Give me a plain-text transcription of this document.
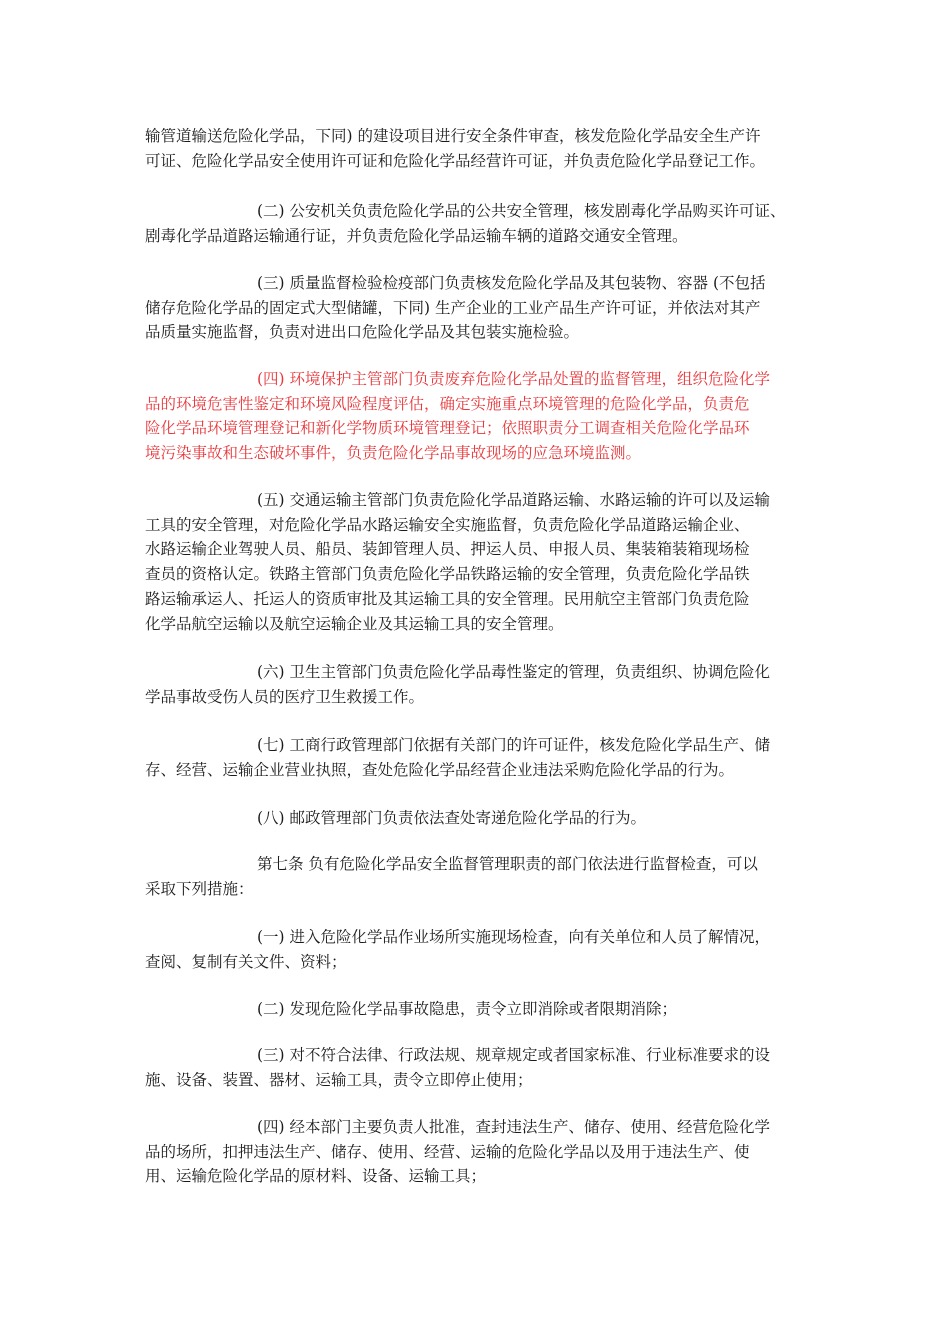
输管道输送危险化学品，下同) 的建设项目进行安全条件审查，核发危险化学品安全生产许
可证、危险化学品安全使用许可证和危险化学品经营许可证，并负责危险化学品登记工作。
(二) 公安机关负责危险化学品的公共安全管理，核发剧毒化学品购买许可证、
剧毒化学品道路运输通行证，并负责危险化学品运输车辆的道路交通安全管理。
(三) 质量监督检验检疫部门负责核发危险化学品及其包装物、容器 (不包括
储存危险化学品的固定式大型储罐，下同) 生产企业的工业产品生产许可证，并依法对其产
品质量实施监督，负责对进出口危险化学品及其包装实施检验。
(四) 环境保护主管部门负责废弃危险化学品处置的监督管理，组织危险化学
品的环境危害性鉴定和环境风险程度评估，确定实施重点环境管理的危险化学品，负责危
险化学品环境管理登记和新化学物质环境管理登记；依照职责分工调查相关危险化学品环
境污染事故和生态破坏事件，负责危险化学品事故现场的应急环境监测。
(五) 交通运输主管部门负责危险化学品道路运输、水路运输的许可以及运输
工具的安全管理，对危险化学品水路运输安全实施监督，负责危险化学品道路运输企业、
水路运输企业驾驶人员、船员、装卸管理人员、押运人员、申报人员、集装箱装箱现场检
查员的资格认定。铁路主管部门负责危险化学品铁路运输的安全管理，负责危险化学品铁
路运输承运人、托运人的资质审批及其运输工具的安全管理。民用航空主管部门负责危险
化学品航空运输以及航空运输企业及其运输工具的安全管理。
(六) 卫生主管部门负责危险化学品毒性鉴定的管理，负责组织、协调危险化
学品事故受伤人员的医疗卫生救援工作。
(七) 工商行政管理部门依据有关部门的许可证件，核发危险化学品生产、储
存、经营、运输企业营业执照，查处危险化学品经营企业违法采购危险化学品的行为。
(八) 邮政管理部门负责依法查处寄递危险化学品的行为。
第七条 负有危险化学品安全监督管理职责的部门依法进行监督检查，可以
采取下列措施：
(一) 进入危险化学品作业场所实施现场检查，向有关单位和人员了解情况，
查阅、复制有关文件、资料；
(二) 发现危险化学品事故隐患，责令立即消除或者限期消除；
(三) 对不符合法律、行政法规、规章规定或者国家标准、行业标准要求的设
施、设备、装置、器材、运输工具，责令立即停止使用；
(四) 经本部门主要负责人批准，查封违法生产、储存、使用、经营危险化学
品的场所，扣押违法生产、储存、使用、经营、运输的危险化学品以及用于违法生产、使
用、运输危险化学品的原材料、设备、运输工具；
